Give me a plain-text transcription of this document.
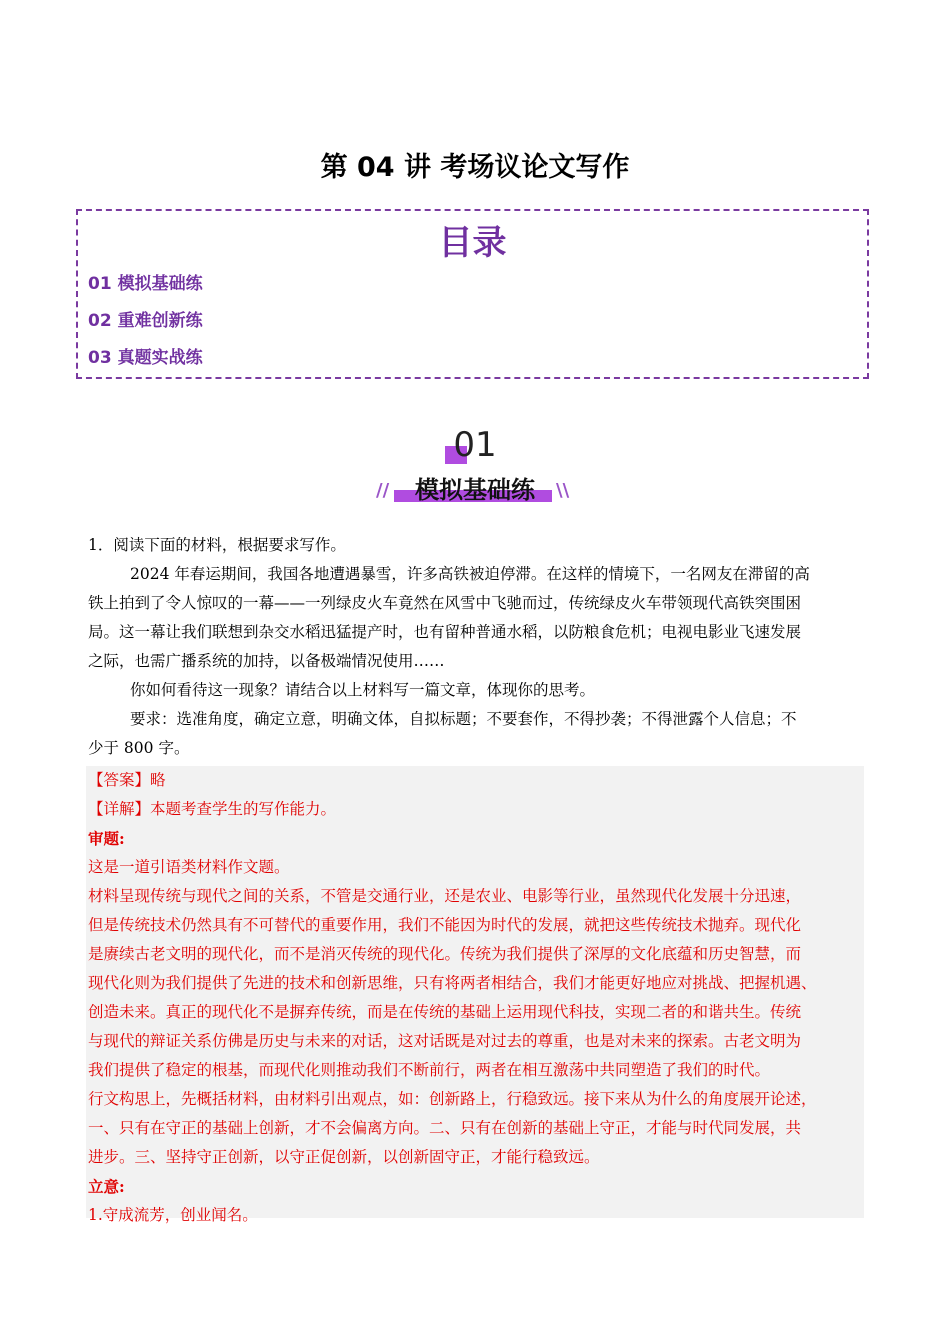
第 04 讲 考场议论文写作
目录
01 模拟基础练
02 重难创新练
03 真题实战练
01
//	\\
模拟基础练
1．阅读下面的材料，根据要求写作。
2024 年春运期间，我国各地遭遇暴雪，许多高铁被迫停滞。在这样的情境下，一名网友在滞留的高
铁上拍到了令人惊叹的一幕——一列绿皮火车竟然在风雪中飞驰而过，传统绿皮火车带领现代高铁突围困
局。这一幕让我们联想到杂交水稻迅猛提产时，也有留种普通水稻，以防粮食危机；电视电影业飞速发展
之际，也需广播系统的加持，以备极端情况使用……
你如何看待这一现象？请结合以上材料写一篇文章，体现你的思考。
要求：选准角度，确定立意，明确文体，自拟标题；不要套作，不得抄袭；不得泄露个人信息；不
少于 800 字。
【答案】略
【详解】本题考查学生的写作能力。
审题:
这是一道引语类材料作文题。
材料呈现传统与现代之间的关系，不管是交通行业，还是农业、电影等行业，虽然现代化发展十分迅速，
但是传统技术仍然具有不可替代的重要作用，我们不能因为时代的发展，就把这些传统技术抛弃。现代化
是赓续古老文明的现代化，而不是消灭传统的现代化。传统为我们提供了深厚的文化底蕴和历史智慧，而
现代化则为我们提供了先进的技术和创新思维，只有将两者相结合，我们才能更好地应对挑战、把握机遇、
创造未来。真正的现代化不是摒弃传统，而是在传统的基础上运用现代科技，实现二者的和谐共生。传统
与现代的辩证关系仿佛是历史与未来的对话，这对话既是对过去的尊重，也是对未来的探索。古老文明为
我们提供了稳定的根基，而现代化则推动我们不断前行，两者在相互激荡中共同塑造了我们的时代。
行文构思上，先概括材料，由材料引出观点，如：创新路上，行稳致远。接下来从为什么的角度展开论述，
一、只有在守正的基础上创新，才不会偏离方向。二、只有在创新的基础上守正，才能与时代同发展，共
进步。三、坚持守正创新，以守正促创新，以创新固守正，才能行稳致远。
立意:
1.守成流芳，创业闻名。
